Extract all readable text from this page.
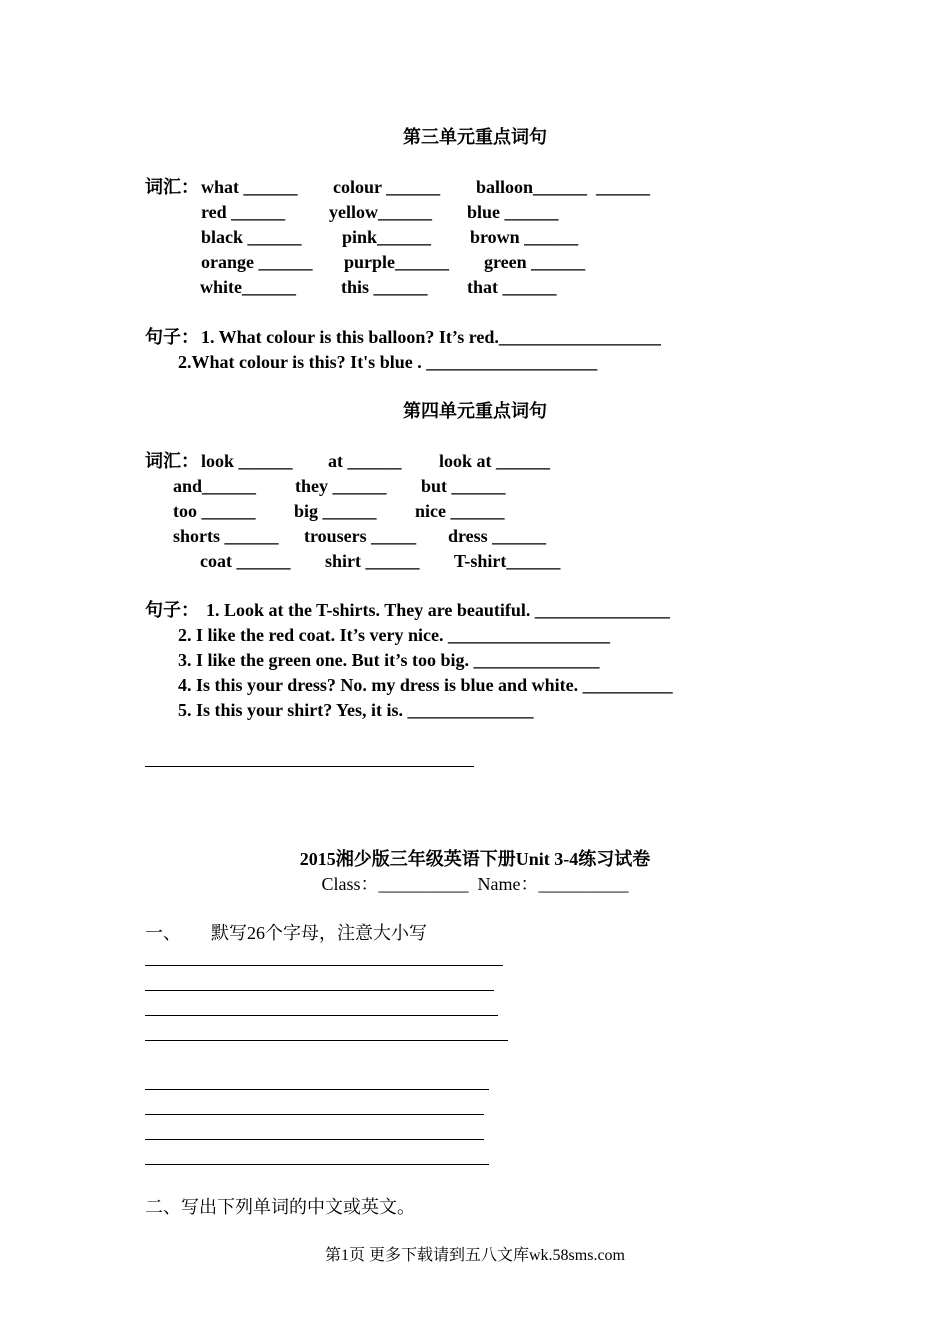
第三单元重点词句
词汇： what ______ colour ______ balloon______  ______
red ______ yellow______ blue ______
black ______ pink______ brown ______
orange ______ purple______ green ______
white______	this ______ that ______
句子： 1. What colour is this balloon? It’s red.__________________
2.What colour is this? It's blue . ___________________
第四单元重点词句
词汇： look ______ at ______ look at ______
and______ they ______ but ______
too ______ big ______ nice ______
shorts ______ trousers _____ dress ______
coat ______ shirt ______ T-shirt______
句子： 1. Look at the T-shirts. They are beautiful. _______________
2. I like the red coat. It’s very nice. __________________
3. I like the green one. But it’s too big. ______________
4. Is this your dress? No. my dress is blue and white. __________
5. Is this your shirt? Yes, it is. ______________
2015湘少版三年级英语下册Unit 3-4练习试卷
Class：__________  Name：__________
一、 默写26个字母，注意大小写
二、写出下列单词的中文或英文。
第1页 更多下载请到五八文库wk.58sms.com
